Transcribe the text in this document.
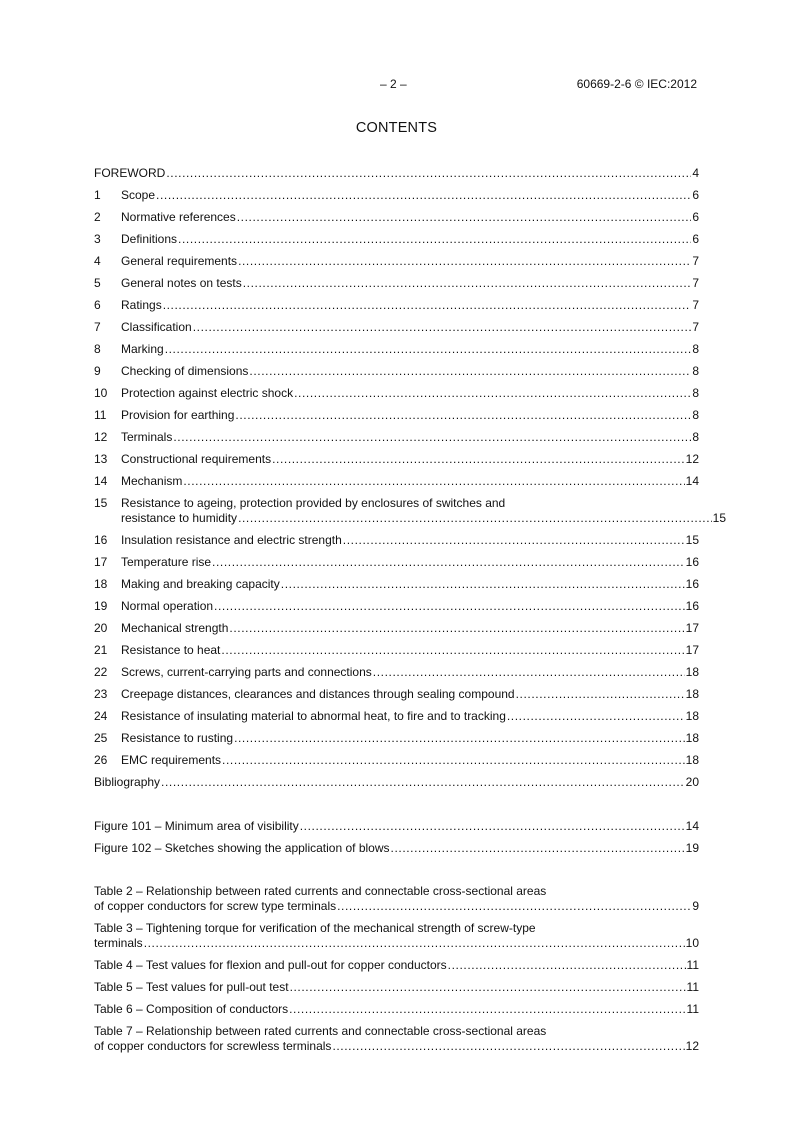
– 2 –	60669-2-6 © IEC:2012
CONTENTS
FOREWORD .....	4
1	Scope .....	6
2	Normative references .....	6
3	Definitions .....	6
4	General requirements .....	7
5	General notes on tests .....	7
6	Ratings .....	7
7	Classification .....	7
8	Marking .....	8
9	Checking of dimensions .....	8
10	Protection against electric shock .....	8
11	Provision for earthing .....	8
12	Terminals .....	8
13	Constructional requirements .....	12
14	Mechanism .....	14
15	Resistance to ageing, protection provided by enclosures of switches and
resistance to humidity .....	15
16	Insulation resistance and electric strength .....	15
17	Temperature rise .....	16
18	Making and breaking capacity .....	16
19	Normal operation .....	16
20	Mechanical strength .....	17
21	Resistance to heat .....	17
22	Screws, current-carrying parts and connections .....	18
23	Creepage distances, clearances and distances through sealing compound .....	18
24	Resistance of insulating material to abnormal heat, to fire and to tracking .....	18
25	Resistance to rusting .....	18
26	EMC requirements .....	18
Bibliography .....	20
Figure 101 – Minimum area of visibility .....	14
Figure 102 – Sketches showing the application of blows .....	19
Table 2 – Relationship between rated currents and connectable cross-sectional areas
of copper conductors for screw type terminals .....	9
Table 3 – Tightening torque for verification of the mechanical strength of screw-type
terminals .....	10
Table 4 – Test values for flexion and pull-out for copper conductors .....	11
Table 5 – Test values for pull-out test .....	11
Table 6 – Composition of conductors .....	11
Table 7 – Relationship between rated currents and connectable cross-sectional areas
of copper conductors for screwless terminals .....	12
